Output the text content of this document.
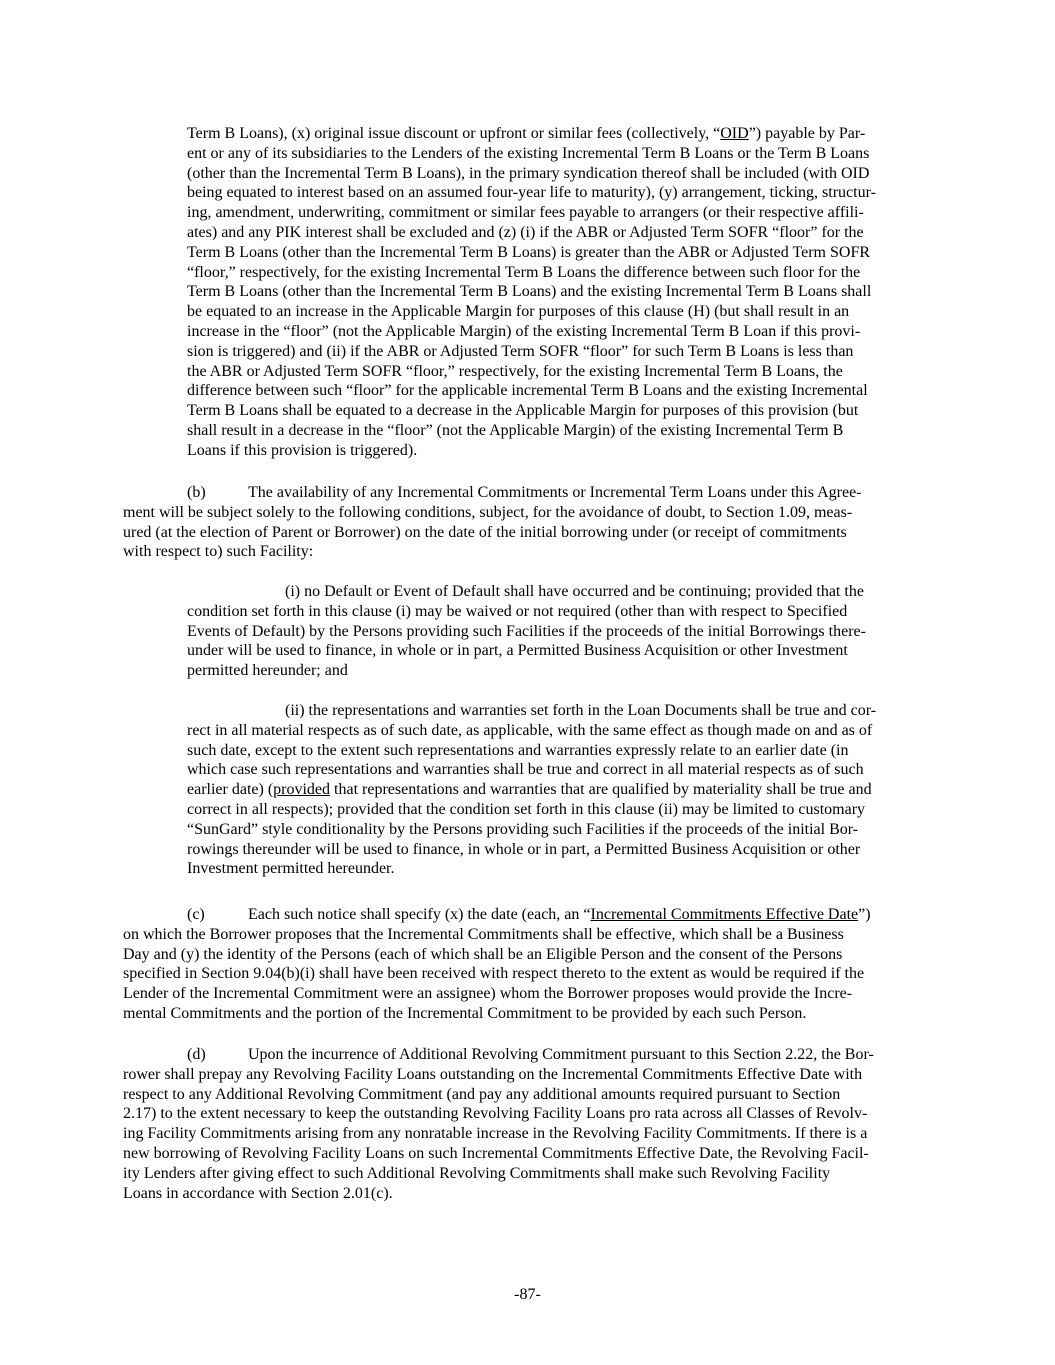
Term B Loans), (x) original issue discount or upfront or similar fees (collectively, “OID”) payable by Par-
ent or any of its subsidiaries to the Lenders of the existing Incremental Term B Loans or the Term B Loans
(other than the Incremental Term B Loans), in the primary syndication thereof shall be included (with OID
being equated to interest based on an assumed four-year life to maturity), (y) arrangement, ticking, structur-
ing, amendment, underwriting, commitment or similar fees payable to arrangers (or their respective affili-
ates) and any PIK interest shall be excluded and (z) (i) if the ABR or Adjusted Term SOFR “floor” for the
Term B Loans (other than the Incremental Term B Loans) is greater than the ABR or Adjusted Term SOFR
“floor,” respectively, for the existing Incremental Term B Loans the difference between such floor for the
Term B Loans (other than the Incremental Term B Loans) and the existing Incremental Term B Loans shall
be equated to an increase in the Applicable Margin for purposes of this clause (H) (but shall result in an
increase in the “floor” (not the Applicable Margin) of the existing Incremental Term B Loan if this provi-
sion is triggered) and (ii) if the ABR or Adjusted Term SOFR “floor” for such Term B Loans is less than
the ABR or Adjusted Term SOFR “floor,” respectively, for the existing Incremental Term B Loans, the
difference between such “floor” for the applicable incremental Term B Loans and the existing Incremental
Term B Loans shall be equated to a decrease in the Applicable Margin for purposes of this provision (but
shall result in a decrease in the “floor” (not the Applicable Margin) of the existing Incremental Term B
Loans if this provision is triggered).
(b)	The availability of any Incremental Commitments or Incremental Term Loans under this Agree-
ment will be subject solely to the following conditions, subject, for the avoidance of doubt, to Section 1.09, meas-
ured (at the election of Parent or Borrower) on the date of the initial borrowing under (or receipt of commitments
with respect to) such Facility:
(i) no Default or Event of Default shall have occurred and be continuing; provided that the
condition set forth in this clause (i) may be waived or not required (other than with respect to Specified
Events of Default) by the Persons providing such Facilities if the proceeds of the initial Borrowings there-
under will be used to finance, in whole or in part, a Permitted Business Acquisition or other Investment
permitted hereunder; and
(ii) the representations and warranties set forth in the Loan Documents shall be true and cor-
rect in all material respects as of such date, as applicable, with the same effect as though made on and as of
such date, except to the extent such representations and warranties expressly relate to an earlier date (in
which case such representations and warranties shall be true and correct in all material respects as of such
earlier date) (provided that representations and warranties that are qualified by materiality shall be true and
correct in all respects); provided that the condition set forth in this clause (ii) may be limited to customary
“SunGard” style conditionality by the Persons providing such Facilities if the proceeds of the initial Bor-
rowings thereunder will be used to finance, in whole or in part, a Permitted Business Acquisition or other
Investment permitted hereunder.
(c)	Each such notice shall specify (x) the date (each, an “Incremental Commitments Effective Date”)
on which the Borrower proposes that the Incremental Commitments shall be effective, which shall be a Business
Day and (y) the identity of the Persons (each of which shall be an Eligible Person and the consent of the Persons
specified in Section 9.04(b)(i) shall have been received with respect thereto to the extent as would be required if the
Lender of the Incremental Commitment were an assignee) whom the Borrower proposes would provide the Incre-
mental Commitments and the portion of the Incremental Commitment to be provided by each such Person.
(d)	Upon the incurrence of Additional Revolving Commitment pursuant to this Section 2.22, the Bor-
rower shall prepay any Revolving Facility Loans outstanding on the Incremental Commitments Effective Date with
respect to any Additional Revolving Commitment (and pay any additional amounts required pursuant to Section
2.17) to the extent necessary to keep the outstanding Revolving Facility Loans pro rata across all Classes of Revolv-
ing Facility Commitments arising from any nonratable increase in the Revolving Facility Commitments. If there is a
new borrowing of Revolving Facility Loans on such Incremental Commitments Effective Date, the Revolving Facil-
ity Lenders after giving effect to such Additional Revolving Commitments shall make such Revolving Facility
Loans in accordance with Section 2.01(c).
-87-
